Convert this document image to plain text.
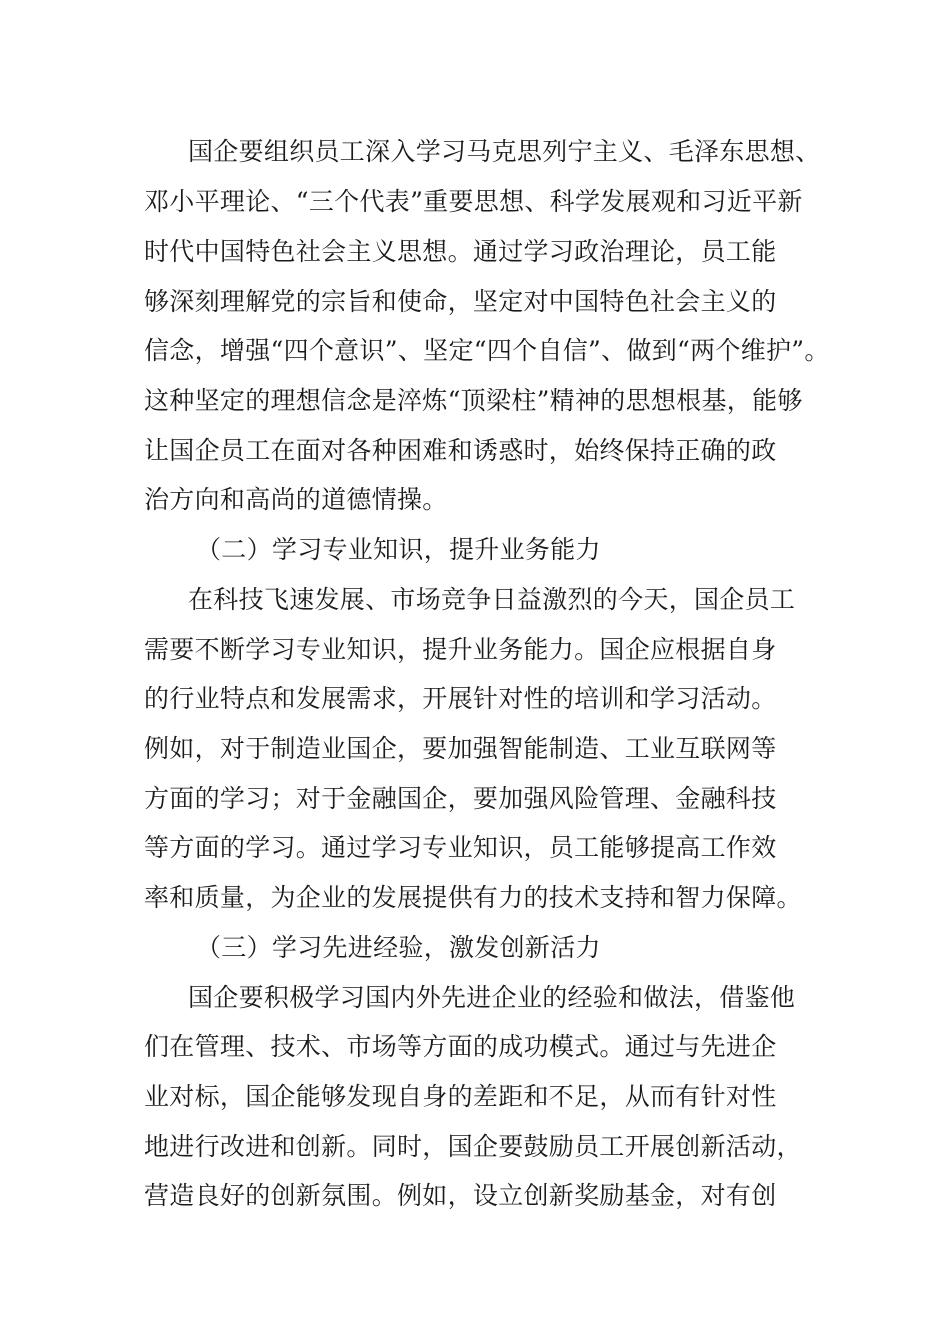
国企要组织员工深入学习马克思列宁主义、毛泽东思想、
邓小平理论、“三个代表”重要思想、科学发展观和习近平新
时代中国特色社会主义思想。通过学习政治理论，员工能
够深刻理解党的宗旨和使命，坚定对中国特色社会主义的
信念，增强“四个意识”、坚定“四个自信”、做到“两个维护”。
这种坚定的理想信念是淬炼“顶梁柱”精神的思想根基，能够
让国企员工在面对各种困难和诱惑时，始终保持正确的政
治方向和高尚的道德情操。
（二）学习专业知识，提升业务能力
在科技飞速发展、市场竞争日益激烈的今天，国企员工
需要不断学习专业知识，提升业务能力。国企应根据自身
的行业特点和发展需求，开展针对性的培训和学习活动。
例如，对于制造业国企，要加强智能制造、工业互联网等
方面的学习；对于金融国企，要加强风险管理、金融科技
等方面的学习。通过学习专业知识，员工能够提高工作效
率和质量，为企业的发展提供有力的技术支持和智力保障。
（三）学习先进经验，激发创新活力
国企要积极学习国内外先进企业的经验和做法，借鉴他
们在管理、技术、市场等方面的成功模式。通过与先进企
业对标，国企能够发现自身的差距和不足，从而有针对性
地进行改进和创新。同时，国企要鼓励员工开展创新活动，
营造良好的创新氛围。例如，设立创新奖励基金，对有创
